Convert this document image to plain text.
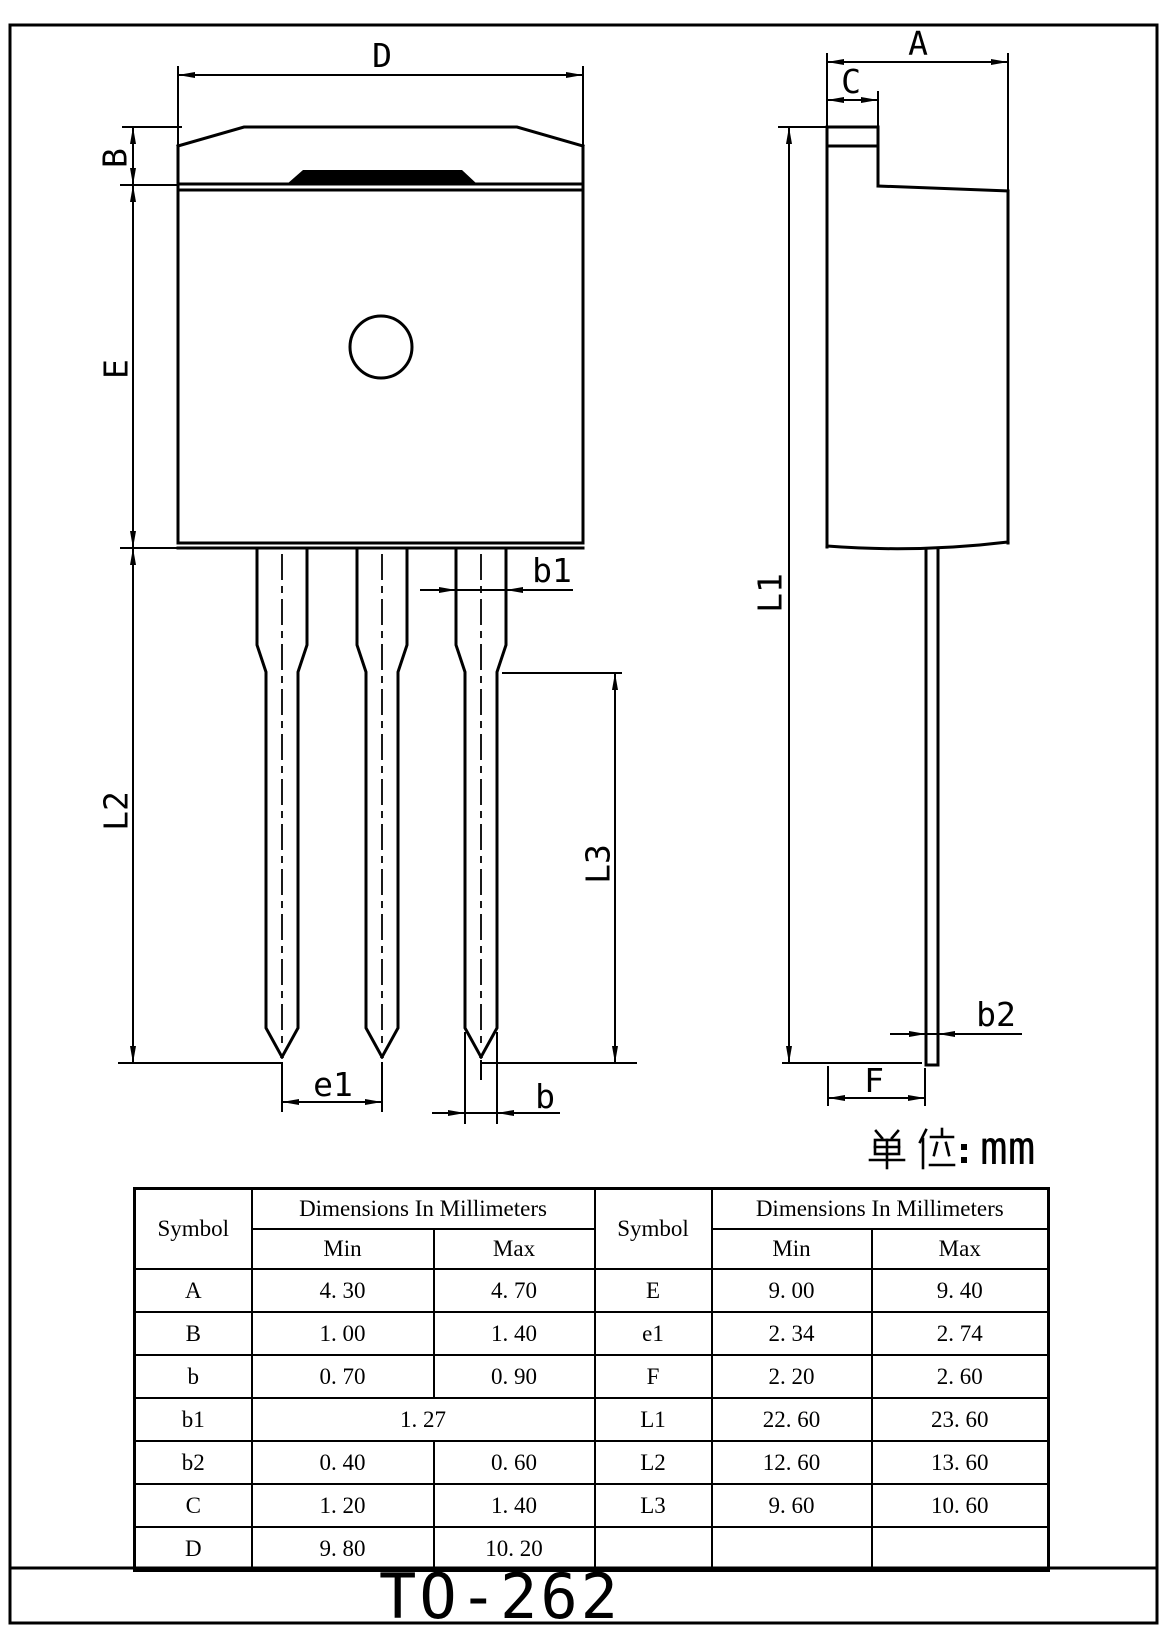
D
B
E
L2
b1
L3
e1	b
A
C
L1
b2
F
mm
TO-262
Symbol	Dimensions In Millimeters		Symbol	Dimensions In Millimeters	
	Min	Max		Min	Max
A	4. 30	4. 70	E	9. 00	9. 40
B	1. 00	1. 40	e1	2. 34	2. 74
b	0. 70	0. 90	F	2. 20	2. 60
b1	1. 27		L1	22. 60	23. 60
b2	0. 40	0. 60	L2	12. 60	13. 60
C	1. 20	1. 40	L3	9. 60	10. 60
D	9. 80	10. 20			
